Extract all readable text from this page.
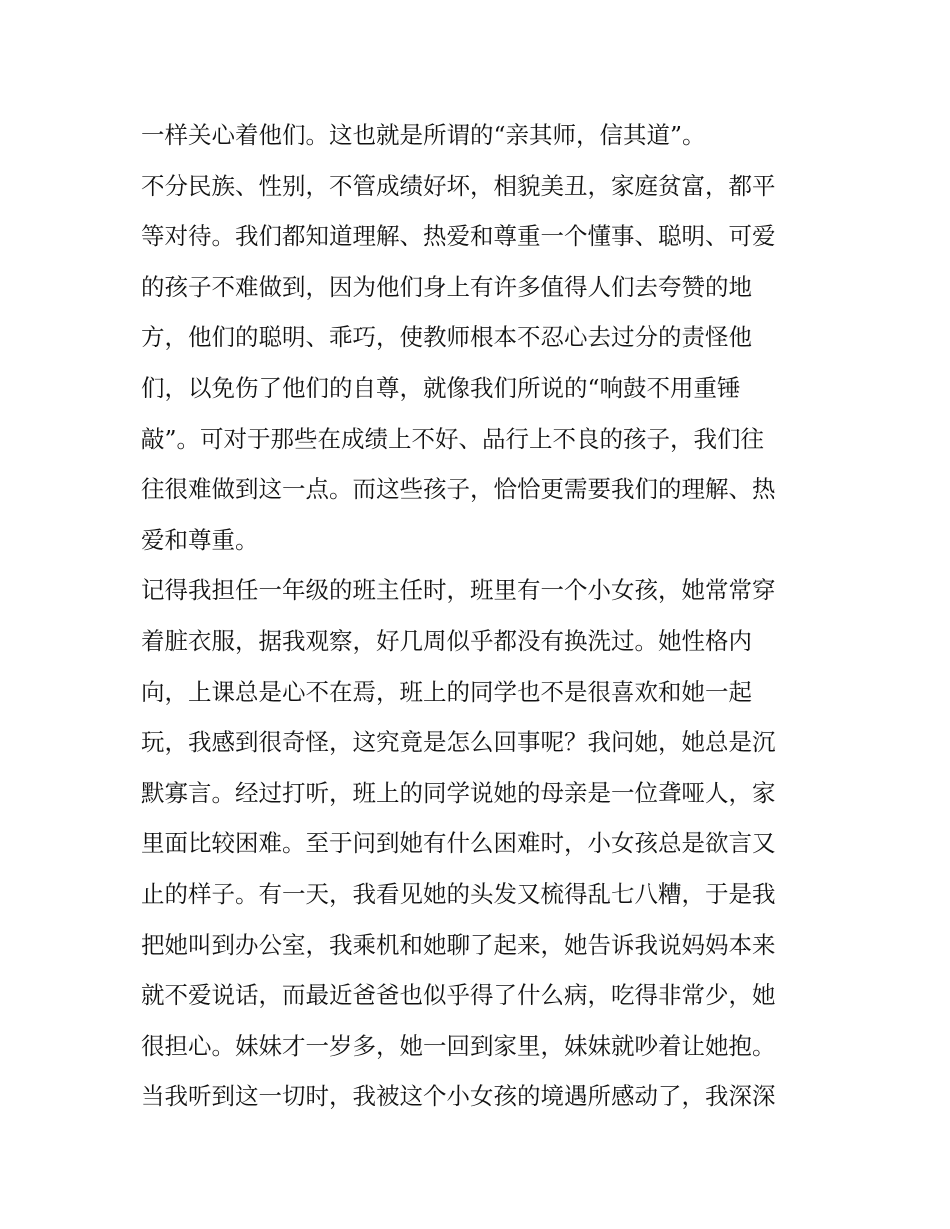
一样关心着他们。这也就是所谓的“亲其师，信其道”。
不分民族、性别，不管成绩好坏，相貌美丑，家庭贫富，都平
等对待。我们都知道理解、热爱和尊重一个懂事、聪明、可爱
的孩子不难做到，因为他们身上有许多值得人们去夸赞的地
方，他们的聪明、乖巧，使教师根本不忍心去过分的责怪他
们，以免伤了他们的自尊，就像我们所说的“响鼓不用重锤
敲”。可对于那些在成绩上不好、品行上不良的孩子，我们往
往很难做到这一点。而这些孩子，恰恰更需要我们的理解、热
爱和尊重。
记得我担任一年级的班主任时，班里有一个小女孩，她常常穿
着脏衣服，据我观察，好几周似乎都没有换洗过。她性格内
向，上课总是心不在焉，班上的同学也不是很喜欢和她一起
玩，我感到很奇怪，这究竟是怎么回事呢？我问她，她总是沉
默寡言。经过打听，班上的同学说她的母亲是一位聋哑人，家
里面比较困难。至于问到她有什么困难时，小女孩总是欲言又
止的样子。有一天，我看见她的头发又梳得乱七八糟，于是我
把她叫到办公室，我乘机和她聊了起来，她告诉我说妈妈本来
就不爱说话，而最近爸爸也似乎得了什么病，吃得非常少，她
很担心。妹妹才一岁多，她一回到家里，妹妹就吵着让她抱。
当我听到这一切时，我被这个小女孩的境遇所感动了，我深深
